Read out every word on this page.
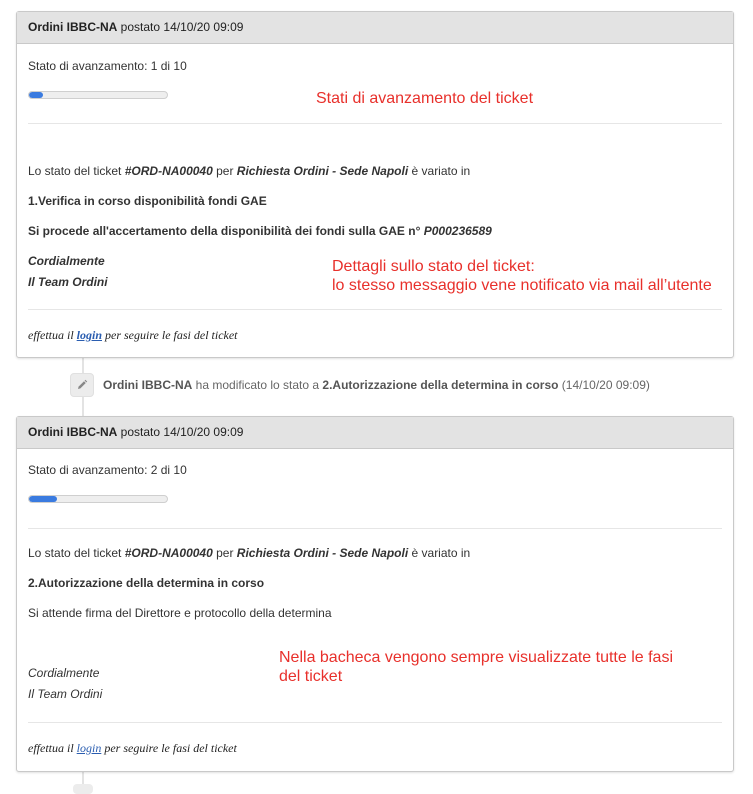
Ordini IBBC-NA postato 14/10/20 09:09
Stato di avanzamento: 1 di 10
Lo stato del ticket #ORD-NA00040 per Richiesta Ordini - Sede Napoli è variato in
1.Verifica in corso disponibilità fondi GAE
Si procede all'accertamento della disponibilità dei fondi sulla GAE n° P000236589
Cordialmente
Il Team Ordini
effettua il login per seguire le fasi del ticket
Ordini IBBC-NA ha modificato lo stato a 2.Autorizzazione della determina in corso (14/10/20 09:09)
Ordini IBBC-NA postato 14/10/20 09:09
Stato di avanzamento: 2 di 10
Lo stato del ticket #ORD-NA00040 per Richiesta Ordini - Sede Napoli è variato in
2.Autorizzazione della determina in corso
Si attende firma del Direttore e protocollo della determina
Cordialmente
Il Team Ordini
effettua il login per seguire le fasi del ticket
Stati di avanzamento del ticket
Dettagli sullo stato del ticket:
lo stesso messaggio vene notificato via mail all’utente
Nella bacheca vengono sempre visualizzate tutte le fasi
del ticket
